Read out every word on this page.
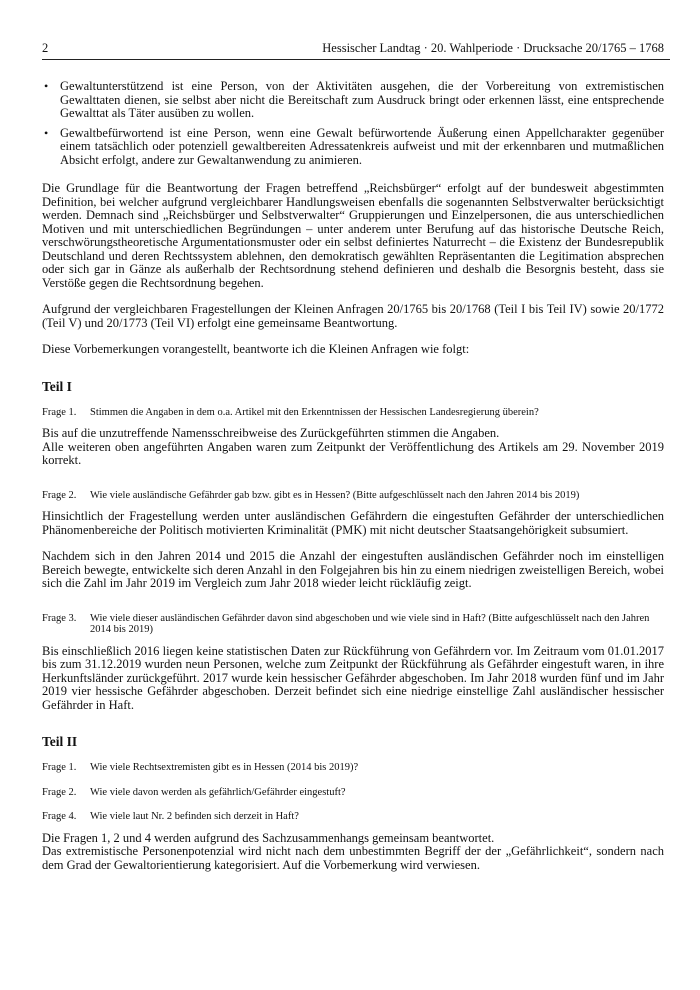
2	Hessischer Landtag · 20. Wahlperiode · Drucksache 20/1765 – 1768
• Gewaltunterstützend ist eine Person, von der Aktivitäten ausgehen, die der Vorbereitung von extremistischen Gewalttaten dienen, sie selbst aber nicht die Bereitschaft zum Ausdruck bringt oder erkennen lässt, eine entsprechende Gewalttat als Täter ausüben zu wollen.
• Gewaltbefürwortend ist eine Person, wenn eine Gewalt befürwortende Äußerung einen Appellcharakter gegenüber einem tatsächlich oder potenziell gewaltbereiten Adressatenkreis aufweist und mit der erkennbaren und mutmaßlichen Absicht erfolgt, andere zur Gewaltanwendung zu animieren.

Die Grundlage für die Beantwortung der Fragen betreffend „Reichsbürger“ erfolgt auf der bundesweit abgestimmten Definition, bei welcher aufgrund vergleichbarer Handlungsweisen ebenfalls die sogenannten Selbstverwalter berücksichtigt werden. Demnach sind „Reichsbürger und Selbstverwalter“ Gruppierungen und Einzelpersonen, die aus unterschiedlichen Motiven und mit unterschiedlichen Begründungen – unter anderem unter Berufung auf das historische Deutsche Reich, verschwörungstheoretische Argumentationsmuster oder ein selbst definiertes Naturrecht – die Existenz der Bundesrepublik Deutschland und deren Rechtssystem ablehnen, den demokratisch gewählten Repräsentanten die Legitimation absprechen oder sich gar in Gänze als außerhalb der Rechtsordnung stehend definieren und deshalb die Besorgnis besteht, dass sie Verstöße gegen die Rechtsordnung begehen.

Aufgrund der vergleichbaren Fragestellungen der Kleinen Anfragen 20/1765 bis 20/1768 (Teil I bis Teil IV) sowie 20/1772 (Teil V) und 20/1773 (Teil VI) erfolgt eine gemeinsame Beantwortung.

Diese Vorbemerkungen vorangestellt, beantworte ich die Kleinen Anfragen wie folgt:

Teil I

Frage 1.	Stimmen die Angaben in dem o.a. Artikel mit den Erkenntnissen der Hessischen Landesregierung überein?

Bis auf die unzutreffende Namensschreibweise des Zurückgeführten stimmen die Angaben.

Alle weiteren oben angeführten Angaben waren zum Zeitpunkt der Veröffentlichung des Artikels am 29. November 2019 korrekt.

Frage 2.	Wie viele ausländische Gefährder gab bzw. gibt es in Hessen? (Bitte aufgeschlüsselt nach den Jahren 2014 bis 2019)

Hinsichtlich der Fragestellung werden unter ausländischen Gefährdern die eingestuften Gefährder der unterschiedlichen Phänomenbereiche der Politisch motivierten Kriminalität (PMK) mit nicht deutscher Staatsangehörigkeit subsumiert.

Nachdem sich in den Jahren 2014 und 2015 die Anzahl der eingestuften ausländischen Gefährder noch im einstelligen Bereich bewegte, entwickelte sich deren Anzahl in den Folgejahren bis hin zu einem niedrigen zweistelligen Bereich, wobei sich die Zahl im Jahr 2019 im Vergleich zum Jahr 2018 wieder leicht rückläufig zeigt.

Frage 3.	Wie viele dieser ausländischen Gefährder davon sind abgeschoben und wie viele sind in Haft? (Bitte aufgeschlüsselt nach den Jahren 2014 bis 2019)

Bis einschließlich 2016 liegen keine statistischen Daten zur Rückführung von Gefährdern vor. Im Zeitraum vom 01.01.2017 bis zum 31.12.2019 wurden neun Personen, welche zum Zeitpunkt der Rückführung als Gefährder eingestuft waren, in ihre Herkunftsländer zurückgeführt. 2017 wurde kein hessischer Gefährder abgeschoben. Im Jahr 2018 wurden fünf und im Jahr 2019 vier hessische Gefährder abgeschoben. Derzeit befindet sich eine niedrige einstellige Zahl ausländischer hessischer Gefährder in Haft.

Teil II

Frage 1.	Wie viele Rechtsextremisten gibt es in Hessen (2014 bis 2019)?
Frage 2.	Wie viele davon werden als gefährlich/Gefährder eingestuft?
Frage 4.	Wie viele laut Nr. 2 befinden sich derzeit in Haft?

Die Fragen 1, 2 und 4 werden aufgrund des Sachzusammenhangs gemeinsam beantwortet.

Das extremistische Personenpotenzial wird nicht nach dem unbestimmten Begriff der der „Gefährlichkeit“, sondern nach dem Grad der Gewaltorientierung kategorisiert. Auf die Vorbemerkung wird verwiesen.
